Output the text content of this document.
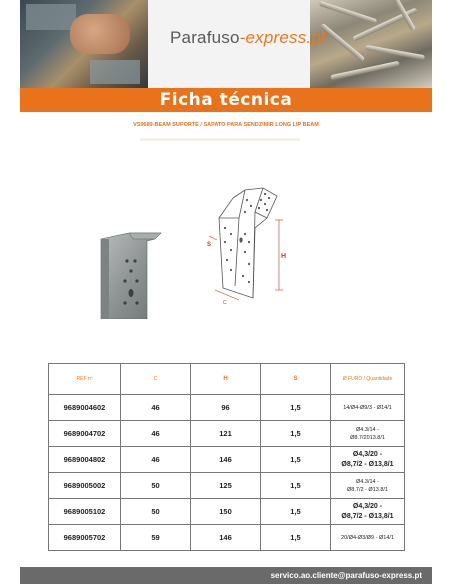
Parafuso-express.pt
Ficha técnica
VS9689-BEAM SUPORTE / SAPATO PARA SENDZIMIR LONG LIP BEAM
H
S
C
REF nº	C	H	S	Ø FURO / Quantidade
9689004602	46	96	1,5	14/Ø4-Ø9/3 - Ø14/1

9689004702	46	121	1,5	Ø4.3/14 -
Ø8.7/2013.8/1
9689004802	46	146	1,5	Ø4,3/20 -
Ø8,7/2 - Ø13,8/1
9689005002	50	125	1,5	Ø4.3/14 -
Ø8.7/2 - Ø13.8/1
9689005102	50	150	1,5	Ø4,3/20 -
Ø8,7/2 - Ø13,8/1
9689005702	59	146	1,5	20/Ø4-Ø3/Ø9 - Ø14/1

servico.ao.cliente@parafuso-express.pt
